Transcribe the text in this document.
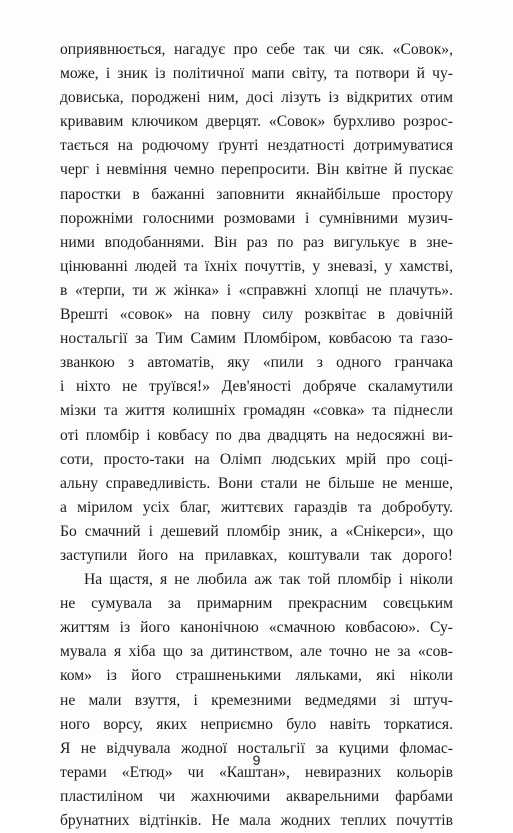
оприявнюється, нагадує про себе так чи сяк. «Совок»,
може, і зник із політичної мапи світу, та потвори й чу-
довиська, породжені ним, досі лізуть із відкритих отим
кривавим ключиком дверцят. «Совок» бурхливо розрос-
тається на родючому ґрунті нездатності дотримуватися
черг і невміння чемно перепросити. Він квітне й пускає
паростки в бажанні заповнити якнайбільше простору
порожніми голосними розмовами і сумнівними музич-
ними вподобаннями. Він раз по раз вигулькує в зне-
цінюванні людей та їхніх почуттів, у зневазі, у хамстві,
в «терпи, ти ж жінка» і «справжні хлопці не плачуть».
Врешті «совок» на повну силу розквітає в довічній
ностальгії за Тим Самим Пломбіром, ковбасою та газо-
званкою з автоматів, яку «пили з одного гранчака
і ніхто не труївся!» Дев'яності добряче скаламутили
мізки та життя колишніх громадян «совка» та піднесли
оті пломбір і ковбасу по два двадцять на недосяжні ви-
соти, просто-таки на Олімп людських мрій про соці-
альну справедливість. Вони стали не більше не менше,
а мірилом усіх благ, життєвих гараздів та добробуту.
Бо смачний і дешевий пломбір зник, а «Снікерси», що
заступили його на прилавках, коштували так дорого!
На щастя, я не любила аж так той пломбір і ніколи
не сумувала за примарним прекрасним совєцьким
життям із його канонічною «смачною ковбасою». Су-
мувала я хіба що за дитинством, але точно не за «сов-
ком» із його страшненькими ляльками, які ніколи
не мали взуття, і кремезними ведмедями зі штуч-
ного ворсу, яких неприємно було навіть торкатися.
Я не відчувала жодної ностальгії за куцими фломас-
терами «Етюд» чи «Каштан», невиразних кольорів
пластиліном чи жахнючими акварельними фарбами
брунатних відтінків. Не мала жодних теплих почуттів
9
